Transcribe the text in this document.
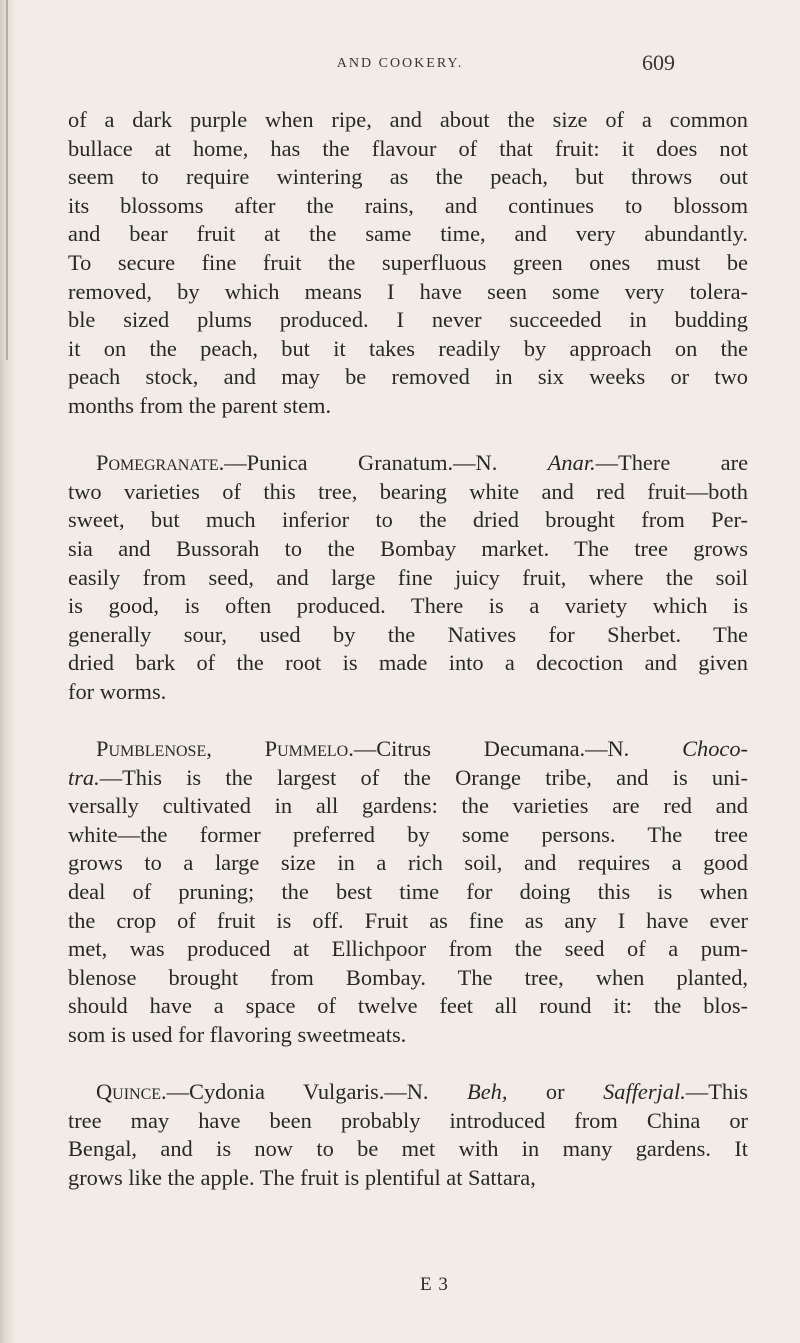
AND COOKERY.	609

of a dark purple when ripe, and about the size of a common
bullace at home, has the flavour of that fruit: it does not
seem to require wintering as the peach, but throws out
its blossoms after the rains, and continues to blossom
and bear fruit at the same time, and very abundantly.
To secure fine fruit the superfluous green ones must be
removed, by which means I have seen some very tolera-
ble sized plums produced. I never succeeded in budding
it on the peach, but it takes readily by approach on the
peach stock, and may be removed in six weeks or two
months from the parent stem.

Pomegranate.—Punica Granatum.—N. Anar.—There are
two varieties of this tree, bearing white and red fruit—both
sweet, but much inferior to the dried brought from Per-
sia and Bussorah to the Bombay market. The tree grows
easily from seed, and large fine juicy fruit, where the soil
is good, is often produced. There is a variety which is
generally sour, used by the Natives for Sherbet. The
dried bark of the root is made into a decoction and given
for worms.

Pumblenose, Pummelo.—Citrus Decumana.—N. Choco-
tra.—This is the largest of the Orange tribe, and is uni-
versally cultivated in all gardens: the varieties are red and
white—the former preferred by some persons. The tree
grows to a large size in a rich soil, and requires a good
deal of pruning; the best time for doing this is when
the crop of fruit is off. Fruit as fine as any I have ever
met, was produced at Ellichpoor from the seed of a pum-
blenose brought from Bombay. The tree, when planted,
should have a space of twelve feet all round it: the blos-
som is used for flavoring sweetmeats.

Quince.—Cydonia Vulgaris.—N. Beh, or Safferjal.—This
tree may have been probably introduced from China or
Bengal, and is now to be met with in many gardens. It
grows like the apple. The fruit is plentiful at Sattara,

E 3
